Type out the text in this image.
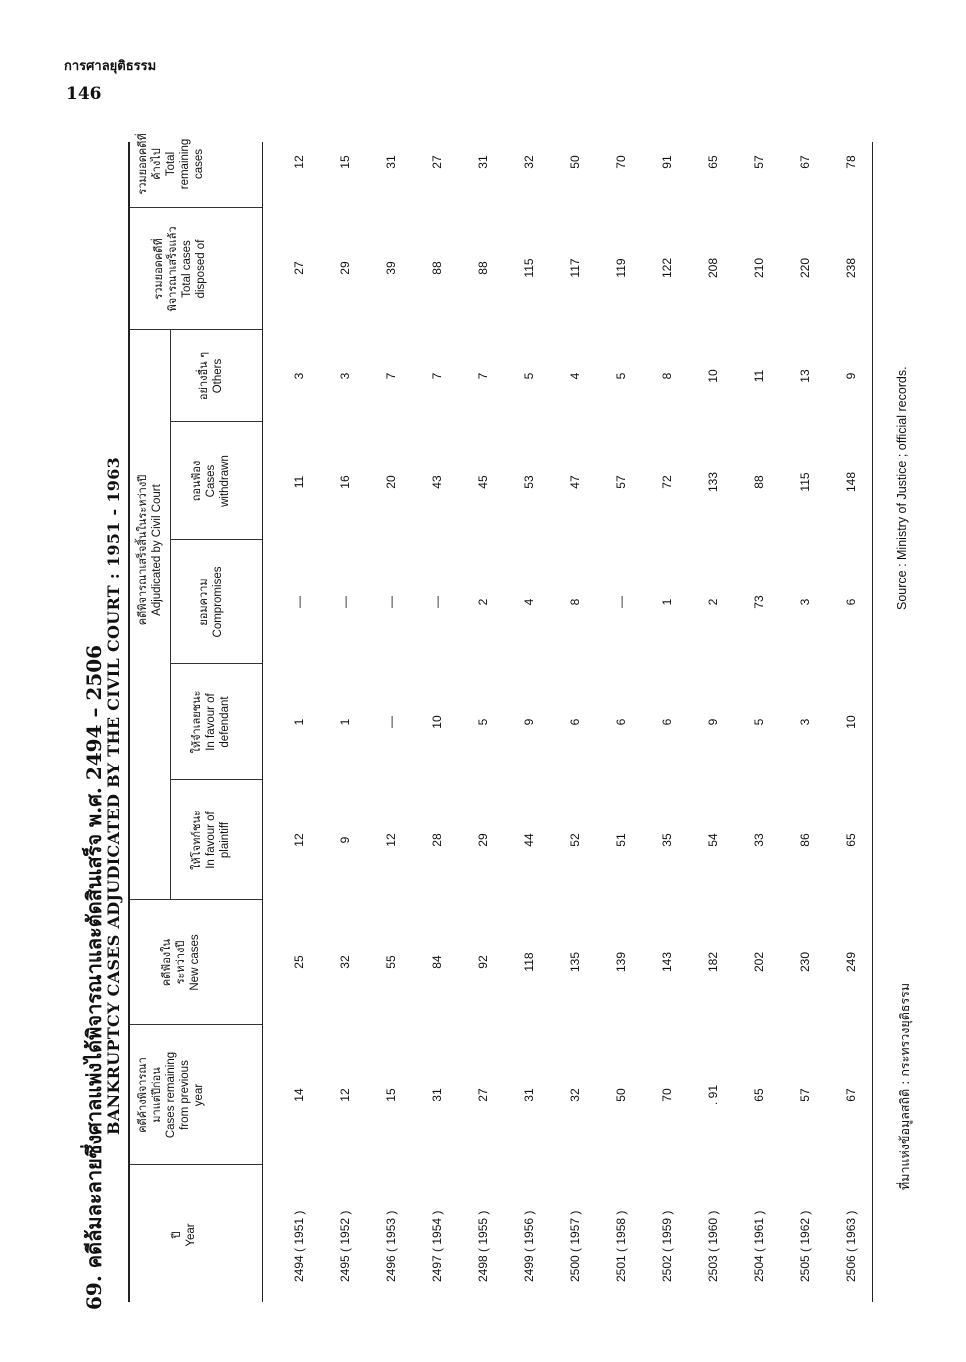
การศาลยุติธรรม
146
69. คดีล้มละลายซึ่งศาลแพ่งได้พิจารณาและตัดสินเสร็จ พ.ศ. 2494 – 2506
BANKRUPTCY CASES ADJUDICATED BY THE CIVIL COURT : 1951 - 1963
ปี Year
คดีค้างพิจารณา มาแต่ปีก่อน Cases remaining from previous year
คดีฟ้องใน ระหว่างปี New cases
คดีพิจารณาเสร็จสิ้นในระหว่างปี Adjudicated by Civil Court
ให้โจทก์ชนะ In favour of plaintiff
ให้จำเลยชนะ In favour of defendant
ยอมความ Compromises
ถอนฟ้อง Cases withdrawn
อย่างอื่น ๆ Others
รวมยอดคดีที่ พิจารณาเสร็จแล้ว Total cases disposed of
รวมยอดคดีที่ ค้างไป Total remaining cases
2494 ( 1951 )
14
25
12
1
—
11
3
27
12
2495 ( 1952 )
12
32
9
1
—
16
3
29
15
2496 ( 1953 )
15
55
12
—
—
20
7
39
31
2497 ( 1954 )
31
84
28
10
—
43
7
88
27
2498 ( 1955 )
27
92
29
5
2
45
7
88
31
2499 ( 1956 )
31
118
44
9
4
53
5
115
32
2500 ( 1957 )
32
135
52
6
8
47
4
117
50
2501 ( 1958 )
50
139
51
6
—
57
5
119
70
2502 ( 1959 )
70
143
35
6
1
72
8
122
91
2503 ( 1960 )
. 91
182
54
9
2
133
10
208
65
2504 ( 1961 )
65
202
33
5
73
88
11
210
57
2505 ( 1962 )
57
230
86
3
3
115
13
220
67
2506 ( 1963 )
67
249
65
10
6
148
9
238
78
ที่มาแห่งข้อมูลสถิติ : กระทรวงยุติธรรม
Source : Ministry of Justice ; official records.
